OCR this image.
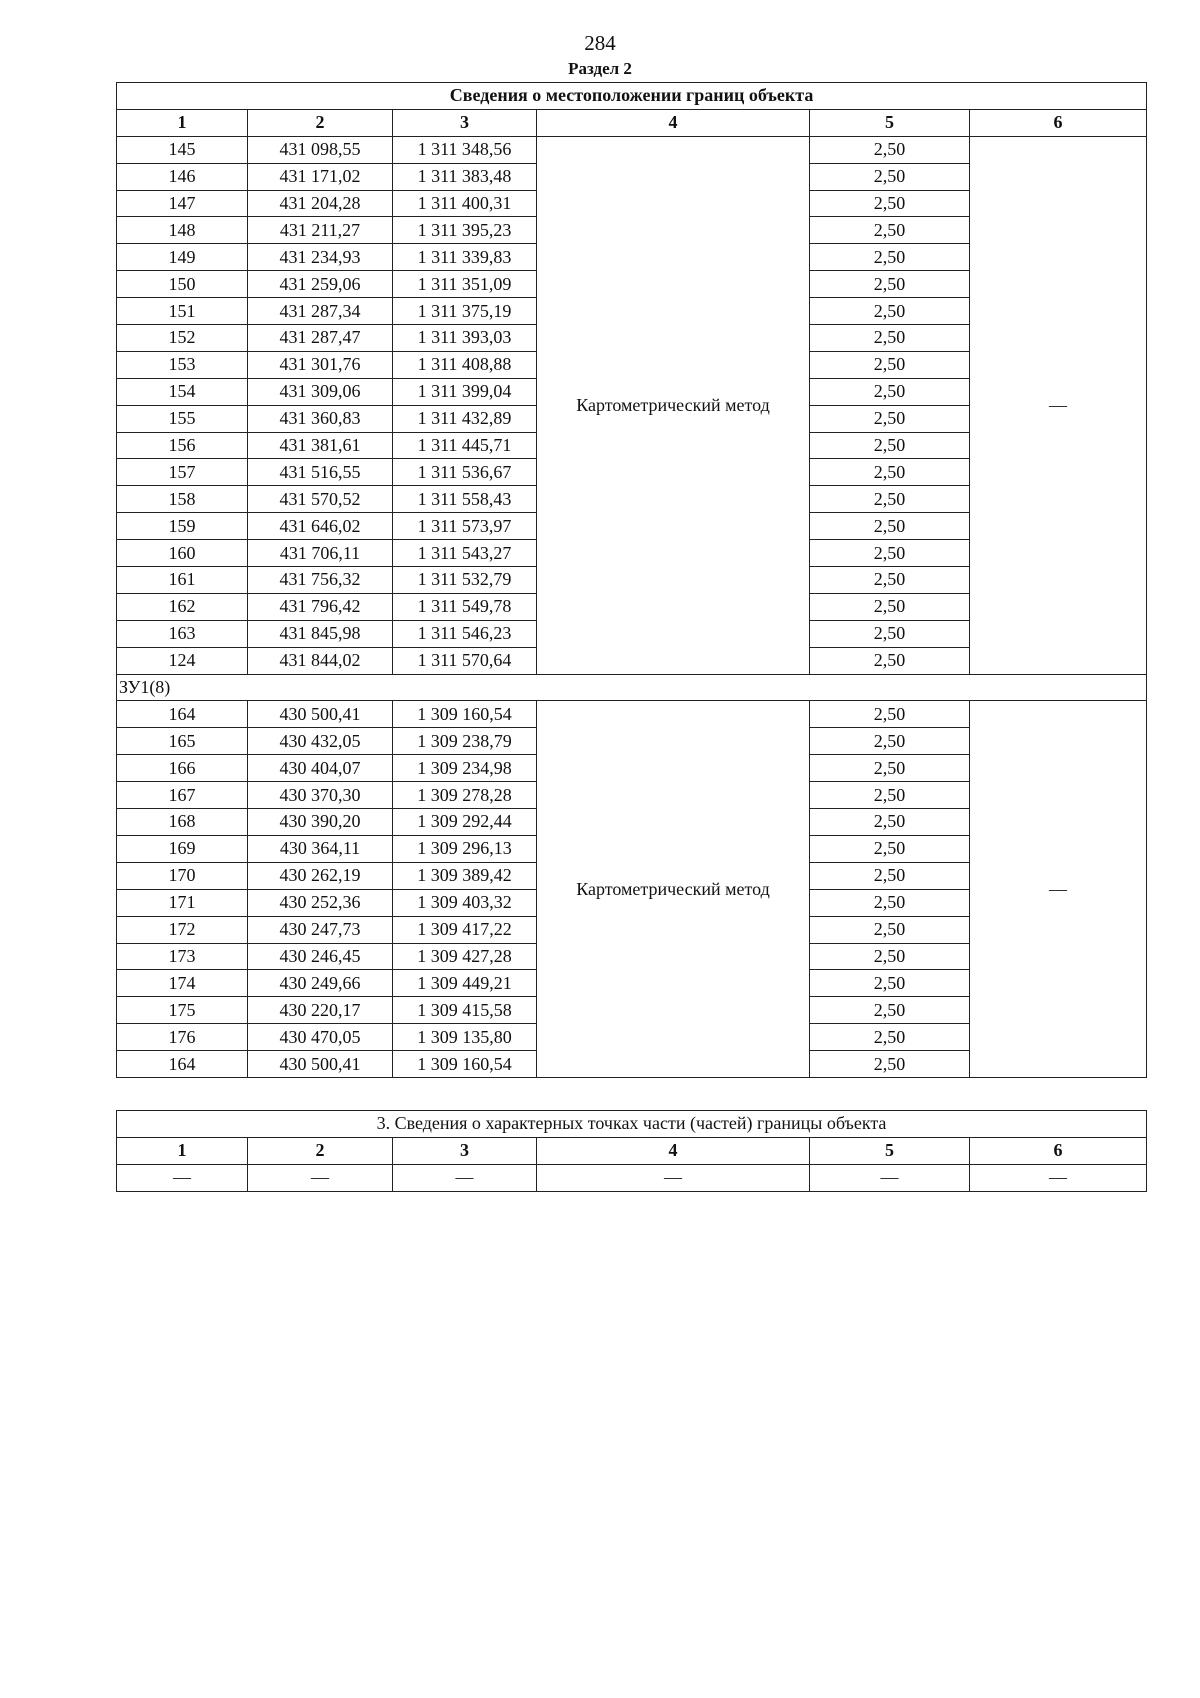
284
Раздел 2
Сведения о местоположении границ объекта					
1	2	3	4	5	6
145	431 098,55	1 311 348,56	Картометрический метод	2,50	—
146	431 171,02	1 311 383,48		2,50	
147	431 204,28	1 311 400,31		2,50	
148	431 211,27	1 311 395,23		2,50	
149	431 234,93	1 311 339,83		2,50	
150	431 259,06	1 311 351,09		2,50	
151	431 287,34	1 311 375,19		2,50	
152	431 287,47	1 311 393,03		2,50	
153	431 301,76	1 311 408,88		2,50	
154	431 309,06	1 311 399,04		2,50	
155	431 360,83	1 311 432,89		2,50	
156	431 381,61	1 311 445,71		2,50	
157	431 516,55	1 311 536,67		2,50	
158	431 570,52	1 311 558,43		2,50	
159	431 646,02	1 311 573,97		2,50	
160	431 706,11	1 311 543,27		2,50	
161	431 756,32	1 311 532,79		2,50	
162	431 796,42	1 311 549,78		2,50	
163	431 845,98	1 311 546,23		2,50	
124	431 844,02	1 311 570,64		2,50	
ЗУ1(8)					
164	430 500,41	1 309 160,54	Картометрический метод	2,50	—
165	430 432,05	1 309 238,79		2,50	
166	430 404,07	1 309 234,98		2,50	
167	430 370,30	1 309 278,28		2,50	
168	430 390,20	1 309 292,44		2,50	
169	430 364,11	1 309 296,13		2,50	
170	430 262,19	1 309 389,42		2,50	
171	430 252,36	1 309 403,32		2,50	
172	430 247,73	1 309 417,22		2,50	
173	430 246,45	1 309 427,28		2,50	
174	430 249,66	1 309 449,21		2,50	
175	430 220,17	1 309 415,58		2,50	
176	430 470,05	1 309 135,80		2,50	
164	430 500,41	1 309 160,54		2,50	
3. Сведения о характерных точках части (частей) границы объекта					
1	2	3	4	5	6
—	—	—	—	—	—
